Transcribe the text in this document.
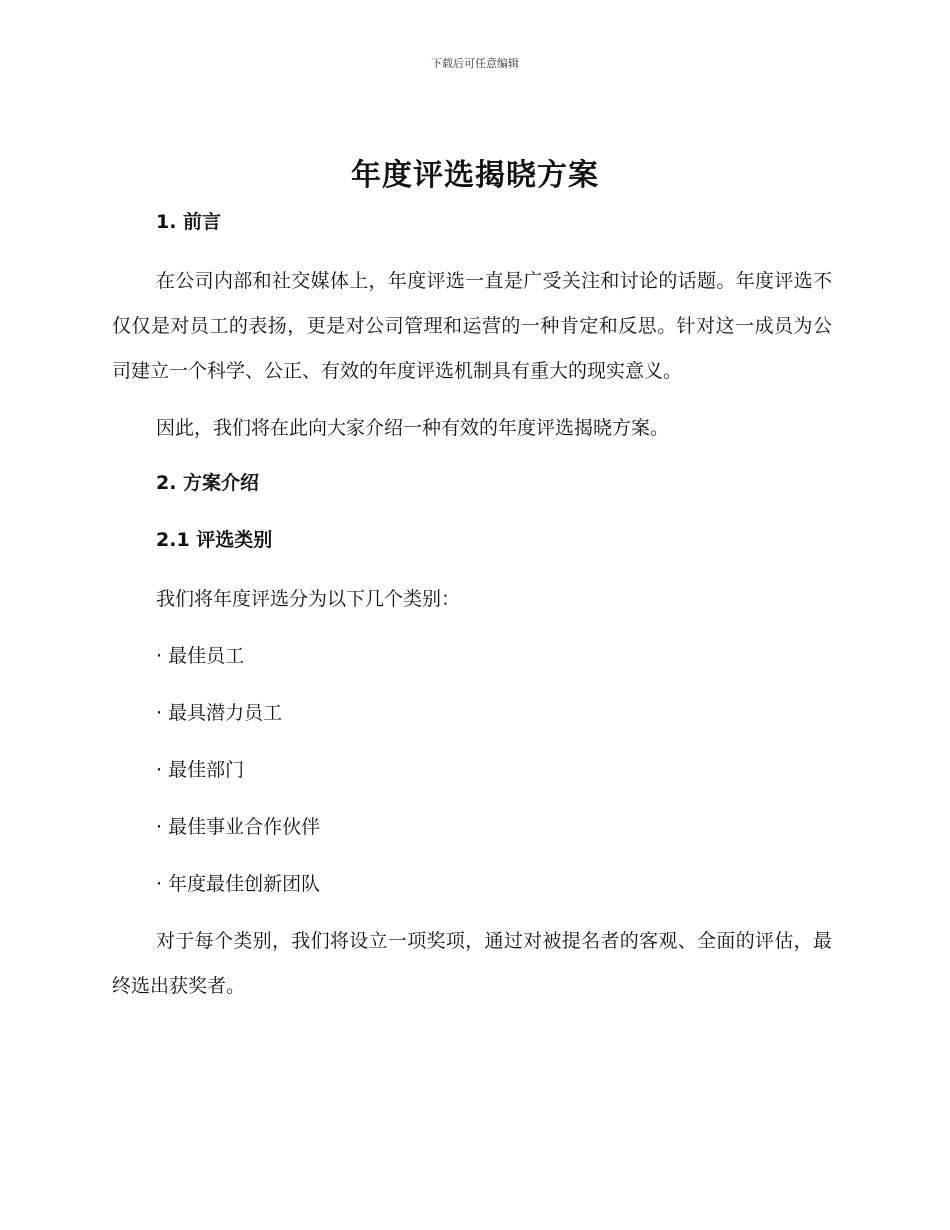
下载后可任意编辑
年度评选揭晓方案
1. 前言

在公司内部和社交媒体上，年度评选一直是广受关注和讨论的话题。年度评选不仅仅是对员工的表扬，更是对公司管理和运营的一种肯定和反思。针对这一成员为公司建立一个科学、公正、有效的年度评选机制具有重大的现实意义。

因此，我们将在此向大家介绍一种有效的年度评选揭晓方案。

2. 方案介绍
2.1 评选类别
我们将年度评选分为以下几个类别：
· 最佳员工
· 最具潜力员工
· 最佳部门
· 最佳事业合作伙伴
· 年度最佳创新团队

对于每个类别，我们将设立一项奖项，通过对被提名者的客观、全面的评估，最终选出获奖者。
